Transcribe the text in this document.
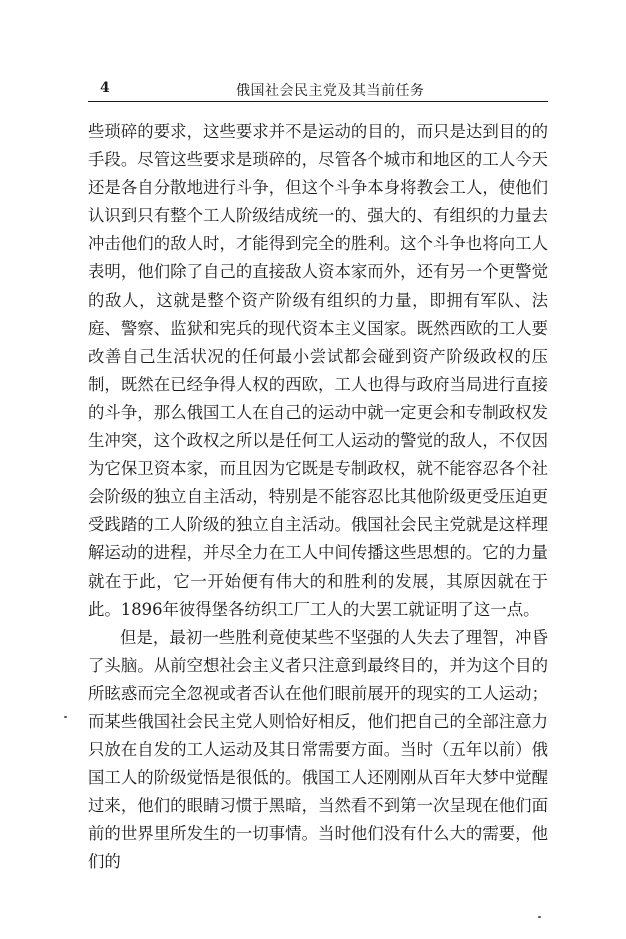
4	俄国社会民主党及其当前任务

些琐碎的要求，这些要求并不是运动的目的，而只是达到目的的手段。尽管这些要求是琐碎的，尽管各个城市和地区的工人今天还是各自分散地进行斗争，但这个斗争本身将教会工人，使他们认识到只有整个工人阶级结成统一的、强大的、有组织的力量去冲击他们的敌人时，才能得到完全的胜利。这个斗争也将向工人表明，他们除了自己的直接敌人资本家而外，还有另一个更警觉的敌人，这就是整个资产阶级有组织的力量，即拥有军队、法庭、警察、监狱和宪兵的现代资本主义国家。既然西欧的工人要改善自己生活状况的任何最小尝试都会碰到资产阶级政权的压制，既然在已经争得人权的西欧，工人也得与政府当局进行直接的斗争，那么俄国工人在自己的运动中就一定更会和专制政权发生冲突，这个政权之所以是任何工人运动的警觉的敌人，不仅因为它保卫资本家，而且因为它既是专制政权，就不能容忍各个社会阶级的独立自主活动，特别是不能容忍比其他阶级更受压迫更受践踏的工人阶级的独立自主活动。俄国社会民主党就是这样理解运动的进程，并尽全力在工人中间传播这些思想的。它的力量就在于此，它一开始便有伟大的和胜利的发展，其原因就在于此。1896年彼得堡各纺织工厂工人的大罢工就证明了这一点。

但是，最初一些胜利竟使某些不坚强的人失去了理智，冲昏了头脑。从前空想社会主义者只注意到最终目的，并为这个目的所眩惑而完全忽视或者否认在他们眼前展开的现实的工人运动；而某些俄国社会民主党人则恰好相反，他们把自己的全部注意力只放在自发的工人运动及其日常需要方面。当时（五年以前）俄国工人的阶级觉悟是很低的。俄国工人还刚刚从百年大梦中觉醒过来，他们的眼睛习惯于黑暗，当然看不到第一次呈现在他们面前的世界里所发生的一切事情。当时他们没有什么大的需要，他们的
